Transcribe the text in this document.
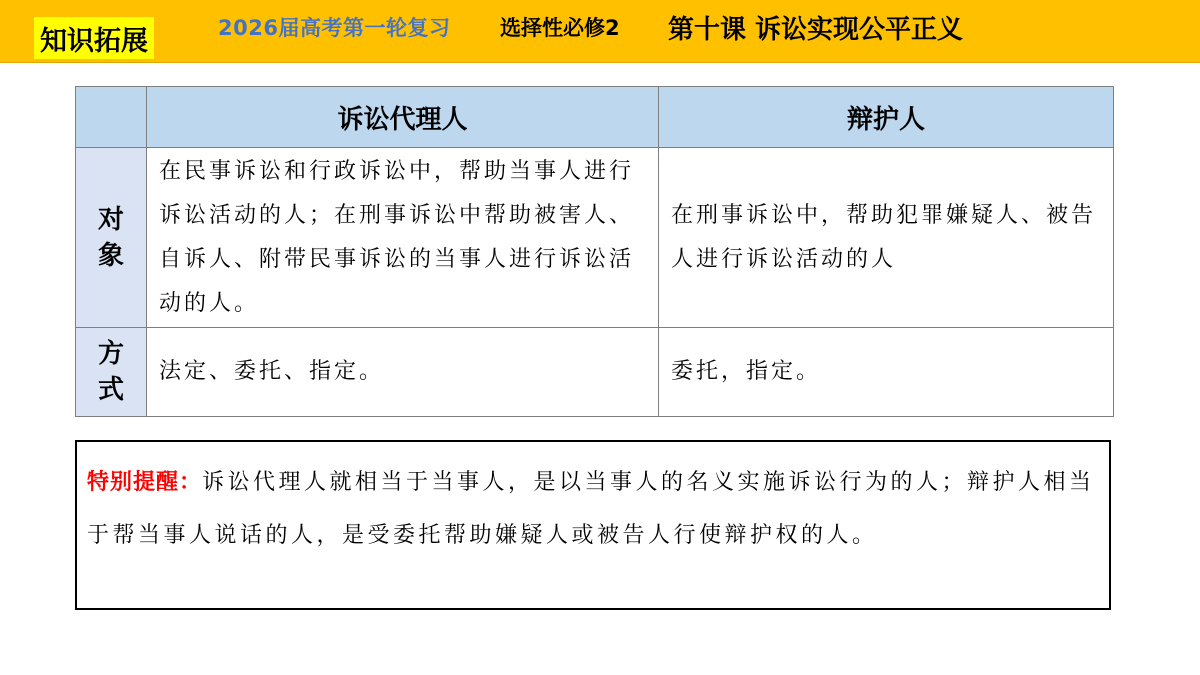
知识拓展	2026届高考第一轮复习 选择性必修2 第十课 诉讼实现公平正义
	诉讼代理人	辩护人

对
象	在民事诉讼和行政诉讼中，帮助当事人进行诉讼活动的人；在刑事诉讼中帮助被害人、自诉人、附带民事诉讼的当事人进行诉讼活动的人。	在刑事诉讼中，帮助犯罪嫌疑人、被告人进行诉讼活动的人

方
式	法定、委托、指定。	委托，指定。
特别提醒：诉讼代理人就相当于当事人，是以当事人的名义实施诉讼行为的人；辩护人相当于帮当事人说话的人，是受委托帮助嫌疑人或被告人行使辩护权的人。
